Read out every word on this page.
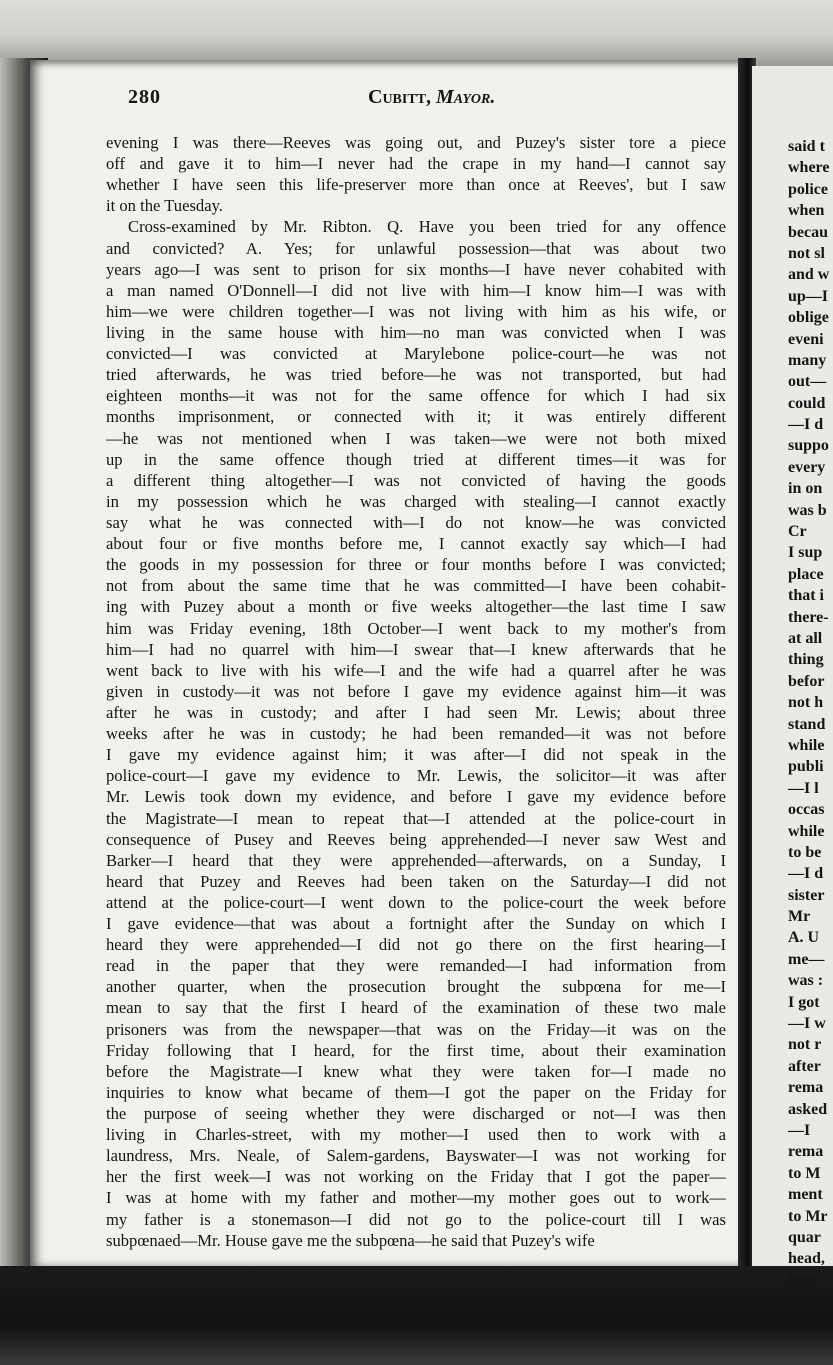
280	Cubitt, Mayor.
evening I was there—Reeves was going out, and Puzey's sister tore a piece
off and gave it to him—I never had the crape in my hand—I cannot say
whether I have seen this life-preserver more than once at Reeves', but I saw
it on the Tuesday.
Cross-examined by Mr. Ribton. Q. Have you been tried for any offence
and convicted? A. Yes; for unlawful possession—that was about two
years ago—I was sent to prison for six months—I have never cohabited with
a man named O'Donnell—I did not live with him—I know him—I was with
him—we were children together—I was not living with him as his wife, or
living in the same house with him—no man was convicted when I was
convicted—I was convicted at Marylebone police-court—he was not
tried afterwards, he was tried before—he was not transported, but had
eighteen months—it was not for the same offence for which I had six
months imprisonment, or connected with it; it was entirely different
—he was not mentioned when I was taken—we were not both mixed
up in the same offence though tried at different times—it was for
a different thing altogether—I was not convicted of having the goods
in my possession which he was charged with stealing—I cannot exactly
say what he was connected with—I do not know—he was convicted
about four or five months before me, I cannot exactly say which—I had
the goods in my possession for three or four months before I was convicted;
not from about the same time that he was committed—I have been cohabit-
ing with Puzey about a month or five weeks altogether—the last time I saw
him was Friday evening, 18th October—I went back to my mother's from
him—I had no quarrel with him—I swear that—I knew afterwards that he
went back to live with his wife—I and the wife had a quarrel after he was
given in custody—it was not before I gave my evidence against him—it was
after he was in custody; and after I had seen Mr. Lewis; about three
weeks after he was in custody; he had been remanded—it was not before
I gave my evidence against him; it was after—I did not speak in the
police-court—I gave my evidence to Mr. Lewis, the solicitor—it was after
Mr. Lewis took down my evidence, and before I gave my evidence before
the Magistrate—I mean to repeat that—I attended at the police-court in
consequence of Pusey and Reeves being apprehended—I never saw West and
Barker—I heard that they were apprehended—afterwards, on a Sunday, I
heard that Puzey and Reeves had been taken on the Saturday—I did not
attend at the police-court—I went down to the police-court the week before
I gave evidence—that was about a fortnight after the Sunday on which I
heard they were apprehended—I did not go there on the first hearing—I
read in the paper that they were remanded—I had information from
another quarter, when the prosecution brought the subpœna for me—I
mean to say that the first I heard of the examination of these two male
prisoners was from the newspaper—that was on the Friday—it was on the
Friday following that I heard, for the first time, about their examination
before the Magistrate—I knew what they were taken for—I made no
inquiries to know what became of them—I got the paper on the Friday for
the purpose of seeing whether they were discharged or not—I was then
living in Charles-street, with my mother—I used then to work with a
laundress, Mrs. Neale, of Salem-gardens, Bayswater—I was not working for
her the first week—I was not working on the Friday that I got the paper—
I was at home with my father and mother—my mother goes out to work—
my father is a stonemason—I did not go to the police-court till I was
subpœnaed—Mr. House gave me the subpœna—he said that Puzey's wife
said t
where
police
when
becau
not sl
and w
up—I
oblige
eveni
many
out—
could
—I d
suppo
every
in on
was b
Cr
I sup
place
that i
there-
at all
thing
befor
not h
stand
while
publi
—I l
occas
while
to be
—I d
sister
Mr
A. U
me—
was :
I got
—I w
not r
after
rema
asked
—I
rema
to M
ment
to Mr
quar
head,
first
